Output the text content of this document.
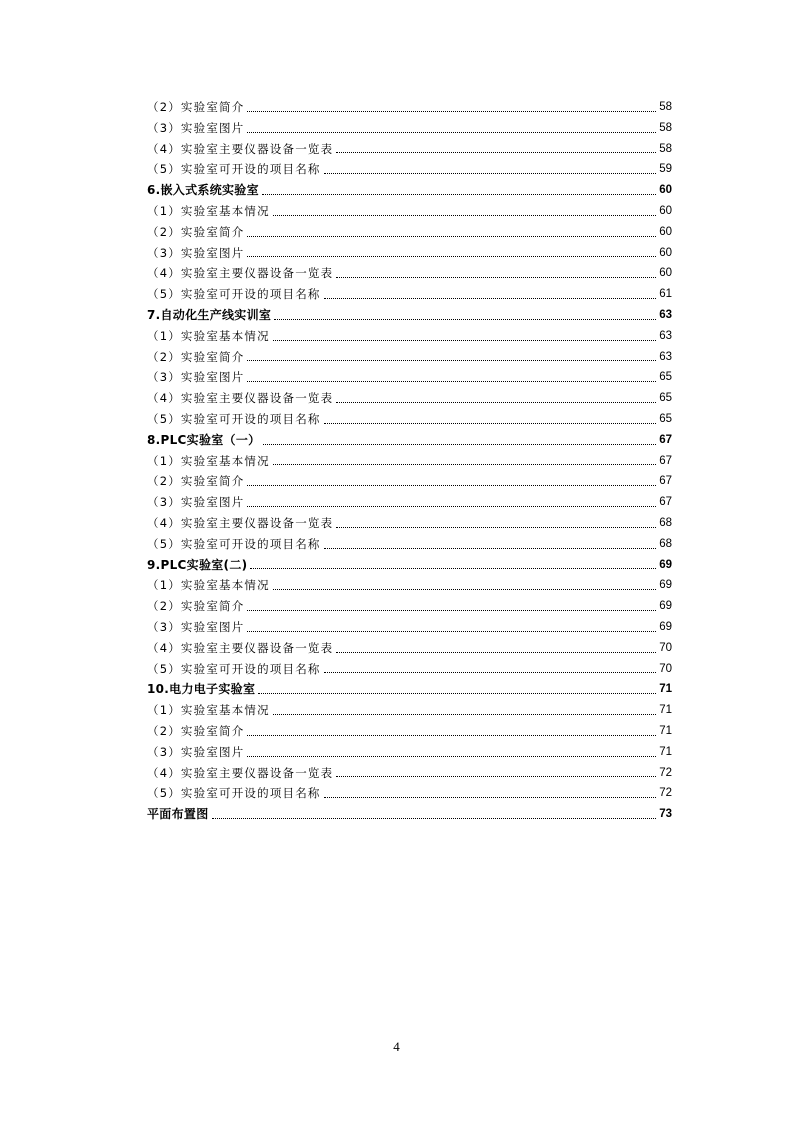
（2）实验室简介	58
（3）实验室图片	58
（4）实验室主要仪器设备一览表	58
（5）实验室可开设的项目名称	59
6.嵌入式系统实验室	60
（1）实验室基本情况	60
（2）实验室简介	60
（3）实验室图片	60
（4）实验室主要仪器设备一览表	60
（5）实验室可开设的项目名称	61
7.自动化生产线实训室	63
（1）实验室基本情况	63
（2）实验室简介	63
（3）实验室图片	65
（4）实验室主要仪器设备一览表	65
（5）实验室可开设的项目名称	65
8.PLC实验室（一）	67
（1）实验室基本情况	67
（2）实验室简介	67
（3）实验室图片	67
（4）实验室主要仪器设备一览表	68
（5）实验室可开设的项目名称	68
9.PLC实验室(二)	69
（1）实验室基本情况	69
（2）实验室简介	69
（3）实验室图片	69
（4）实验室主要仪器设备一览表	70
（5）实验室可开设的项目名称	70
10.电力电子实验室	71
（1）实验室基本情况	71
（2）实验室简介	71
（3）实验室图片	71
（4）实验室主要仪器设备一览表	72
（5）实验室可开设的项目名称	72
平面布置图	73
4
